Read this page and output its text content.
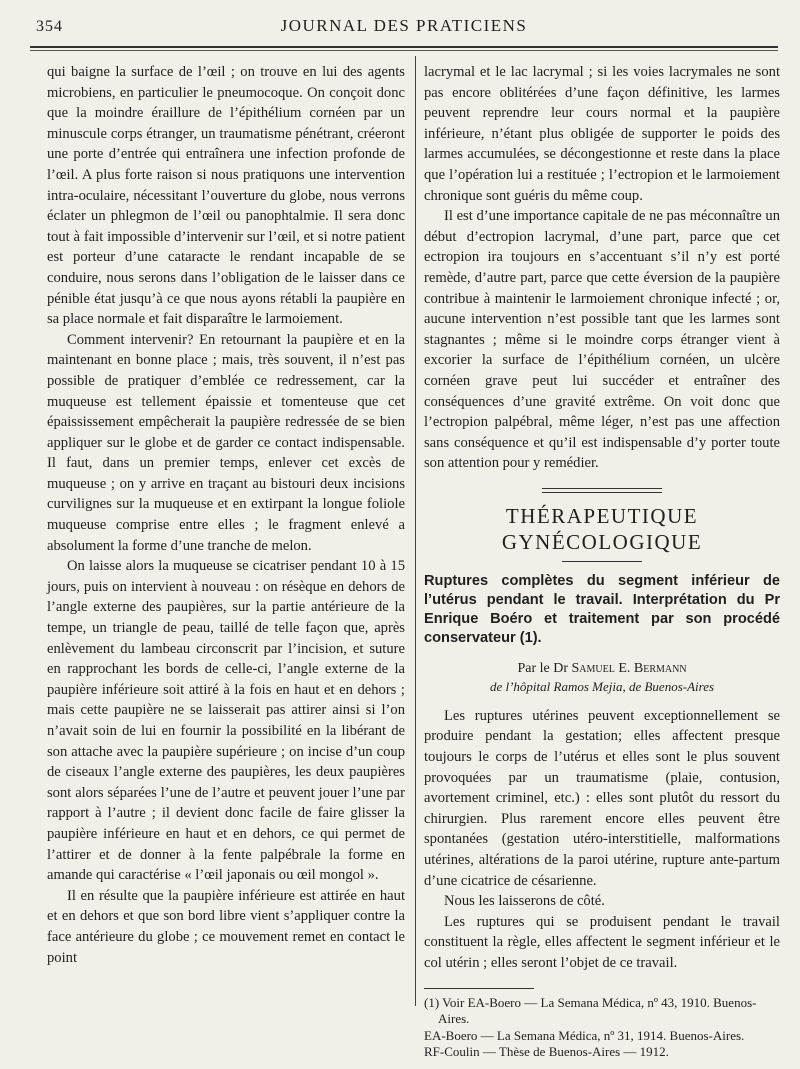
354	JOURNAL DES PRATICIENS

qui baigne la surface de l’œil ; on trouve en lui des agents microbiens, en particulier le pneumocoque. On conçoit donc que la moindre éraillure de l’épithélium cornéen par un minuscule corps étranger, un traumatisme pénétrant, créeront une porte d’entrée qui entraînera une infection profonde de l’œil. A plus forte raison si nous pratiquons une intervention intra-oculaire, nécessitant l’ouverture du globe, nous verrons éclater un phlegmon de l’œil ou panophtalmie. Il sera donc tout à fait impossible d’intervenir sur l’œil, et si notre patient est porteur d’une cataracte le rendant incapable de se conduire, nous serons dans l’obligation de le laisser dans ce pénible état jusqu’à ce que nous ayons rétabli la paupière en sa place normale et fait disparaître le larmoiement.

Comment intervenir? En retournant la paupière et en la maintenant en bonne place ; mais, très souvent, il n’est pas possible de pratiquer d’emblée ce redressement, car la muqueuse est tellement épaissie et tomenteuse que cet épaississement empêcherait la paupière redressée de se bien appliquer sur le globe et de garder ce contact indispensable. Il faut, dans un premier temps, enlever cet excès de muqueuse ; on y arrive en traçant au bistouri deux incisions curvilignes sur la muqueuse et en extirpant la longue foliole muqueuse comprise entre elles ; le fragment enlevé a absolument la forme d’une tranche de melon.

On laisse alors la muqueuse se cicatriser pendant 10 à 15 jours, puis on intervient à nouveau : on résèque en dehors de l’angle externe des paupières, sur la partie antérieure de la tempe, un triangle de peau, taillé de telle façon que, après enlèvement du lambeau circonscrit par l’incision, et suture en rapprochant les bords de celle-ci, l’angle externe de la paupière inférieure soit attiré à la fois en haut et en dehors ; mais cette paupière ne se laisserait pas attirer ainsi si l’on n’avait soin de lui en fournir la possibilité en la libérant de son attache avec la paupière supérieure ; on incise d’un coup de ciseaux l’angle externe des paupières, les deux paupières sont alors séparées l’une de l’autre et peuvent jouer l’une par rapport à l’autre ; il devient donc facile de faire glisser la paupière inférieure en haut et en dehors, ce qui permet de l’attirer et de donner à la fente palpébrale la forme en amande qui caractérise « l’œil japonais ou œil mongol ».

Il en résulte que la paupière inférieure est attirée en haut et en dehors et que son bord libre vient s’appliquer contre la face antérieure du globe ; ce mouvement remet en contact le point

lacrymal et le lac lacrymal ; si les voies lacrymales ne sont pas encore oblitérées d’une façon définitive, les larmes peuvent reprendre leur cours normal et la paupière inférieure, n’étant plus obligée de supporter le poids des larmes accumulées, se décongestionne et reste dans la place que l’opération lui a restituée ; l’ectropion et le larmoiement chronique sont guéris du même coup.

Il est d’une importance capitale de ne pas méconnaître un début d’ectropion lacrymal, d’une part, parce que cet ectropion ira toujours en s’accentuant s’il n’y est porté remède, d’autre part, parce que cette éversion de la paupière contribue à maintenir le larmoiement chronique infecté ; or, aucune intervention n’est possible tant que les larmes sont stagnantes ; même si le moindre corps étranger vient à excorier la surface de l’épithélium cornéen, un ulcère cornéen grave peut lui succéder et entraîner des conséquences d’une gravité extrême. On voit donc que l’ectropion palpébral, même léger, n’est pas une affection sans conséquence et qu’il est indispensable d’y porter toute son attention pour y remédier.

THÉRAPEUTIQUE GYNÉCOLOGIQUE

Ruptures complètes du segment inférieur de l’utérus pendant le travail. Interprétation du Pr Enrique Boéro et traitement par son procédé conservateur (1).

Par le Dr Samuel E. Bermann
de l’hôpital Ramos Mejia, de Buenos-Aires

Les ruptures utérines peuvent exceptionnellement se produire pendant la gestation; elles affectent presque toujours le corps de l’utérus et elles sont le plus souvent provoquées par un traumatisme (plaie, contusion, avortement criminel, etc.) : elles sont plutôt du ressort du chirurgien. Plus rarement encore elles peuvent être spontanées (gestation utéro-interstitielle, malformations utérines, altérations de la paroi utérine, rupture ante-partum d’une cicatrice de césarienne.

Nous les laisserons de côté.

Les ruptures qui se produisent pendant le travail constituent la règle, elles affectent le segment inférieur et le col utérin ; elles seront l’objet de ce travail.

(1) Voir EA-Boero — La Semana Médica, nº 43, 1910. Buenos-Aires.
EA-Boero — La Semana Médica, nº 31, 1914. Buenos-Aires.
RF-Coulin — Thèse de Buenos-Aires — 1912.
